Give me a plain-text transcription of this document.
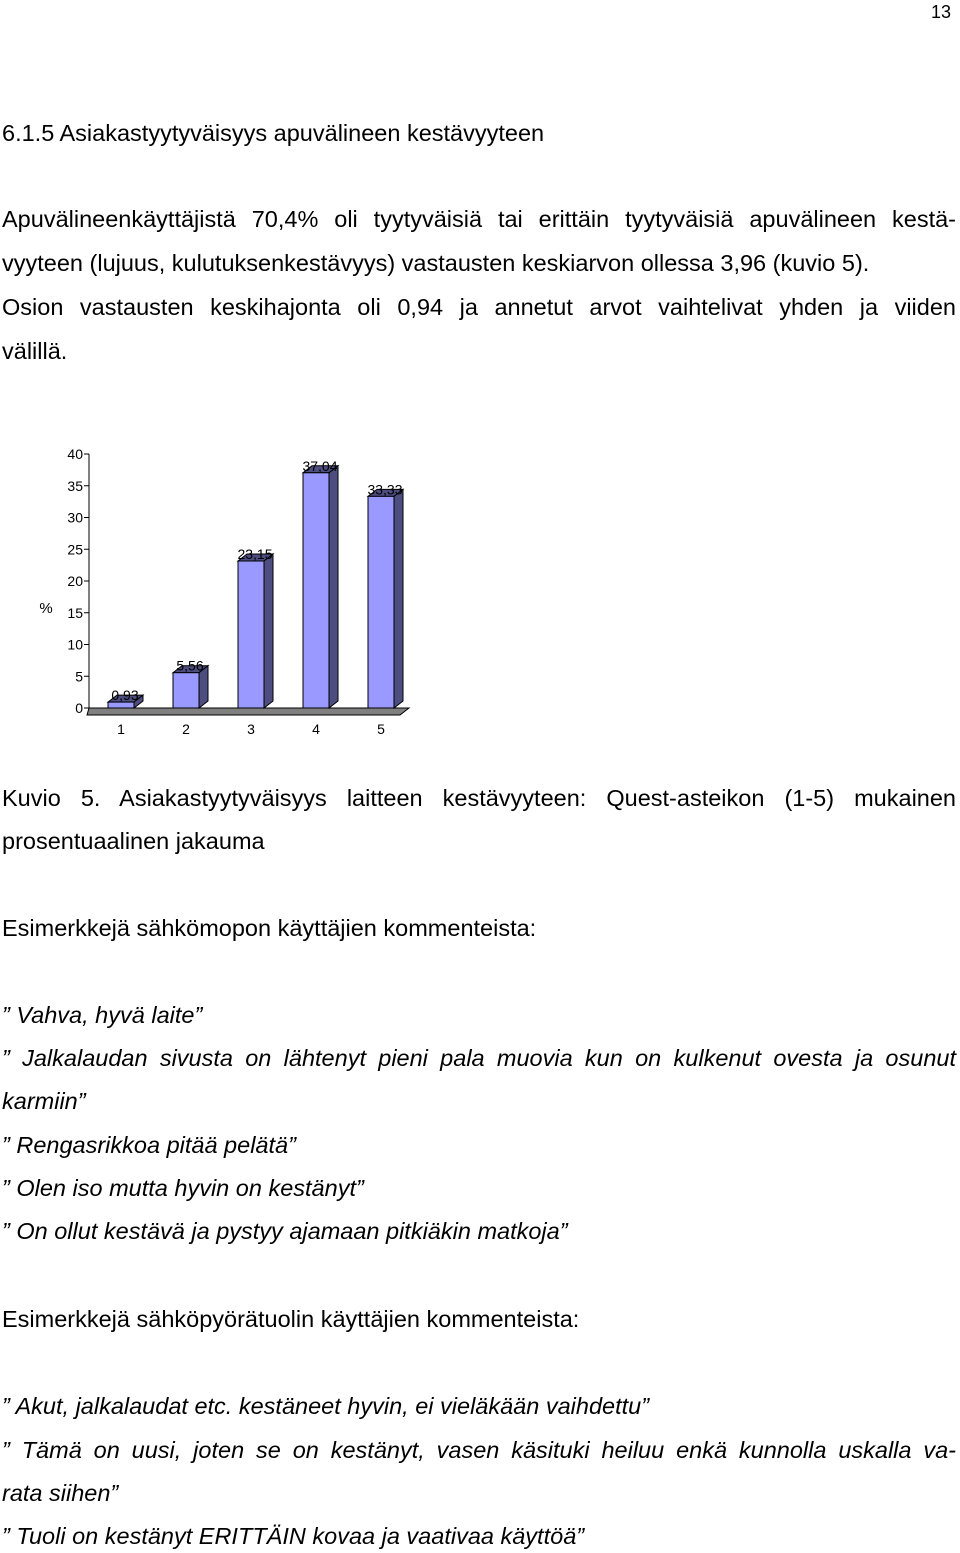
13
6.1.5 Asiakastyytyväisyys apuvälineen kestävyyteen
Apuvälineenkäyttäjistä 70,4% oli tyytyväisiä tai erittäin tyytyväisiä apuvälineen kestä-
vyyteen (lujuus, kulutuksenkestävyys) vastausten keskiarvon ollessa 3,96 (kuvio 5).
Osion vastausten keskihajonta oli 0,94 ja annetut arvot vaihtelivat yhden ja viiden
välillä.
%
0
5
10
15
20
25
30
35
40
0,93
1
5,56
2
23,15
3
37,04
4
33,33
5
Kuvio 5. Asiakastyytyväisyys laitteen kestävyyteen: Quest-asteikon (1-5) mukainen
prosentuaalinen jakauma
Esimerkkejä sähkömopon käyttäjien kommenteista:
” Vahva, hyvä laite”
” Jalkalaudan sivusta on lähtenyt pieni pala muovia kun on kulkenut ovesta ja osunut
karmiin”
” Rengasrikkoa pitää pelätä”
” Olen iso mutta hyvin on kestänyt”
” On ollut kestävä ja pystyy ajamaan pitkiäkin matkoja”
Esimerkkejä sähköpyörätuolin käyttäjien kommenteista:
” Akut, jalkalaudat etc. kestäneet hyvin, ei vieläkään vaihdettu”
” Tämä on uusi, joten se on kestänyt, vasen käsituki heiluu enkä kunnolla uskalla va-
rata siihen”
” Tuoli on kestänyt ERITTÄIN kovaa ja vaativaa käyttöä”
